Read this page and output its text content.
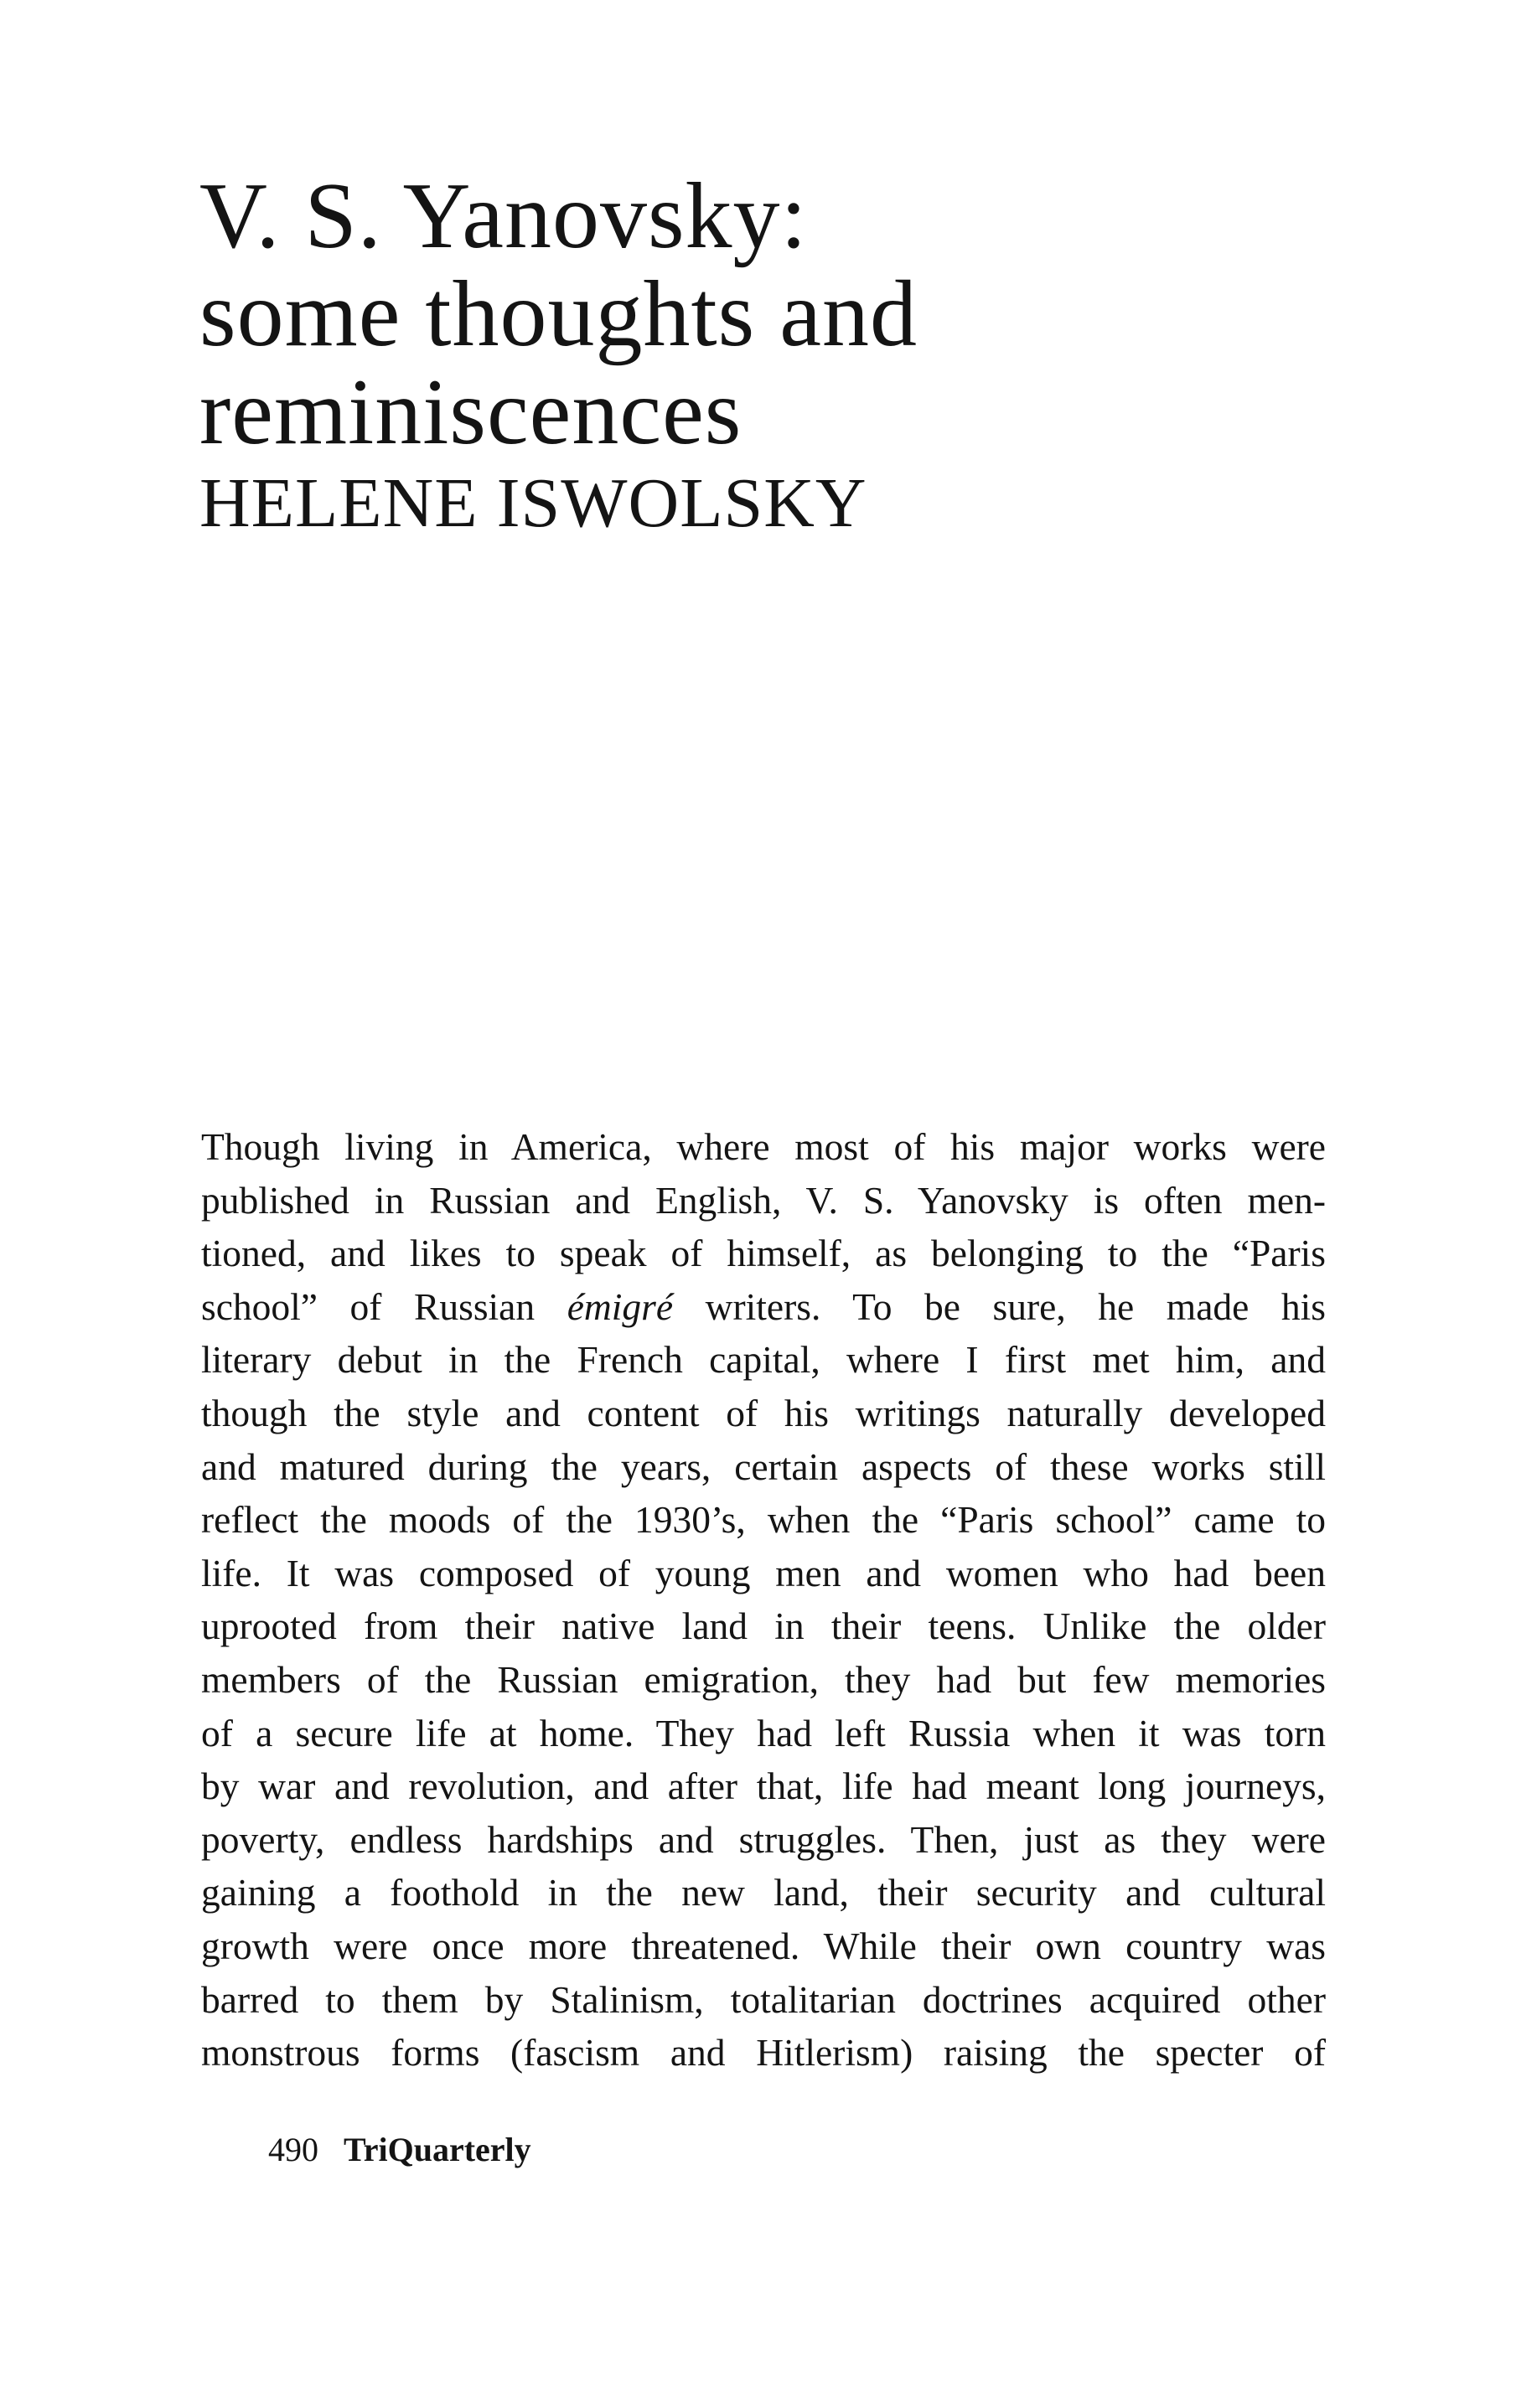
V. S. Yanovsky:
some thoughts and
reminiscences
HELENE ISWOLSKY
Though living in America, where most of his major works were
published in Russian and English, V. S. Yanovsky is often men-
tioned, and likes to speak of himself, as belonging to the “Paris
school” of Russian émigré writers. To be sure, he made his
literary debut in the French capital, where I first met him, and
though the style and content of his writings naturally developed
and matured during the years, certain aspects of these works still
reflect the moods of the 1930’s, when the “Paris school” came to
life. It was composed of young men and women who had been
uprooted from their native land in their teens. Unlike the older
members of the Russian emigration, they had but few memories
of a secure life at home. They had left Russia when it was torn
by war and revolution, and after that, life had meant long journeys,
poverty, endless hardships and struggles. Then, just as they were
gaining a foothold in the new land, their security and cultural
growth were once more threatened. While their own country was
barred to them by Stalinism, totalitarian doctrines acquired other
monstrous forms (fascism and Hitlerism) raising the specter of
490 TriQuarterly
